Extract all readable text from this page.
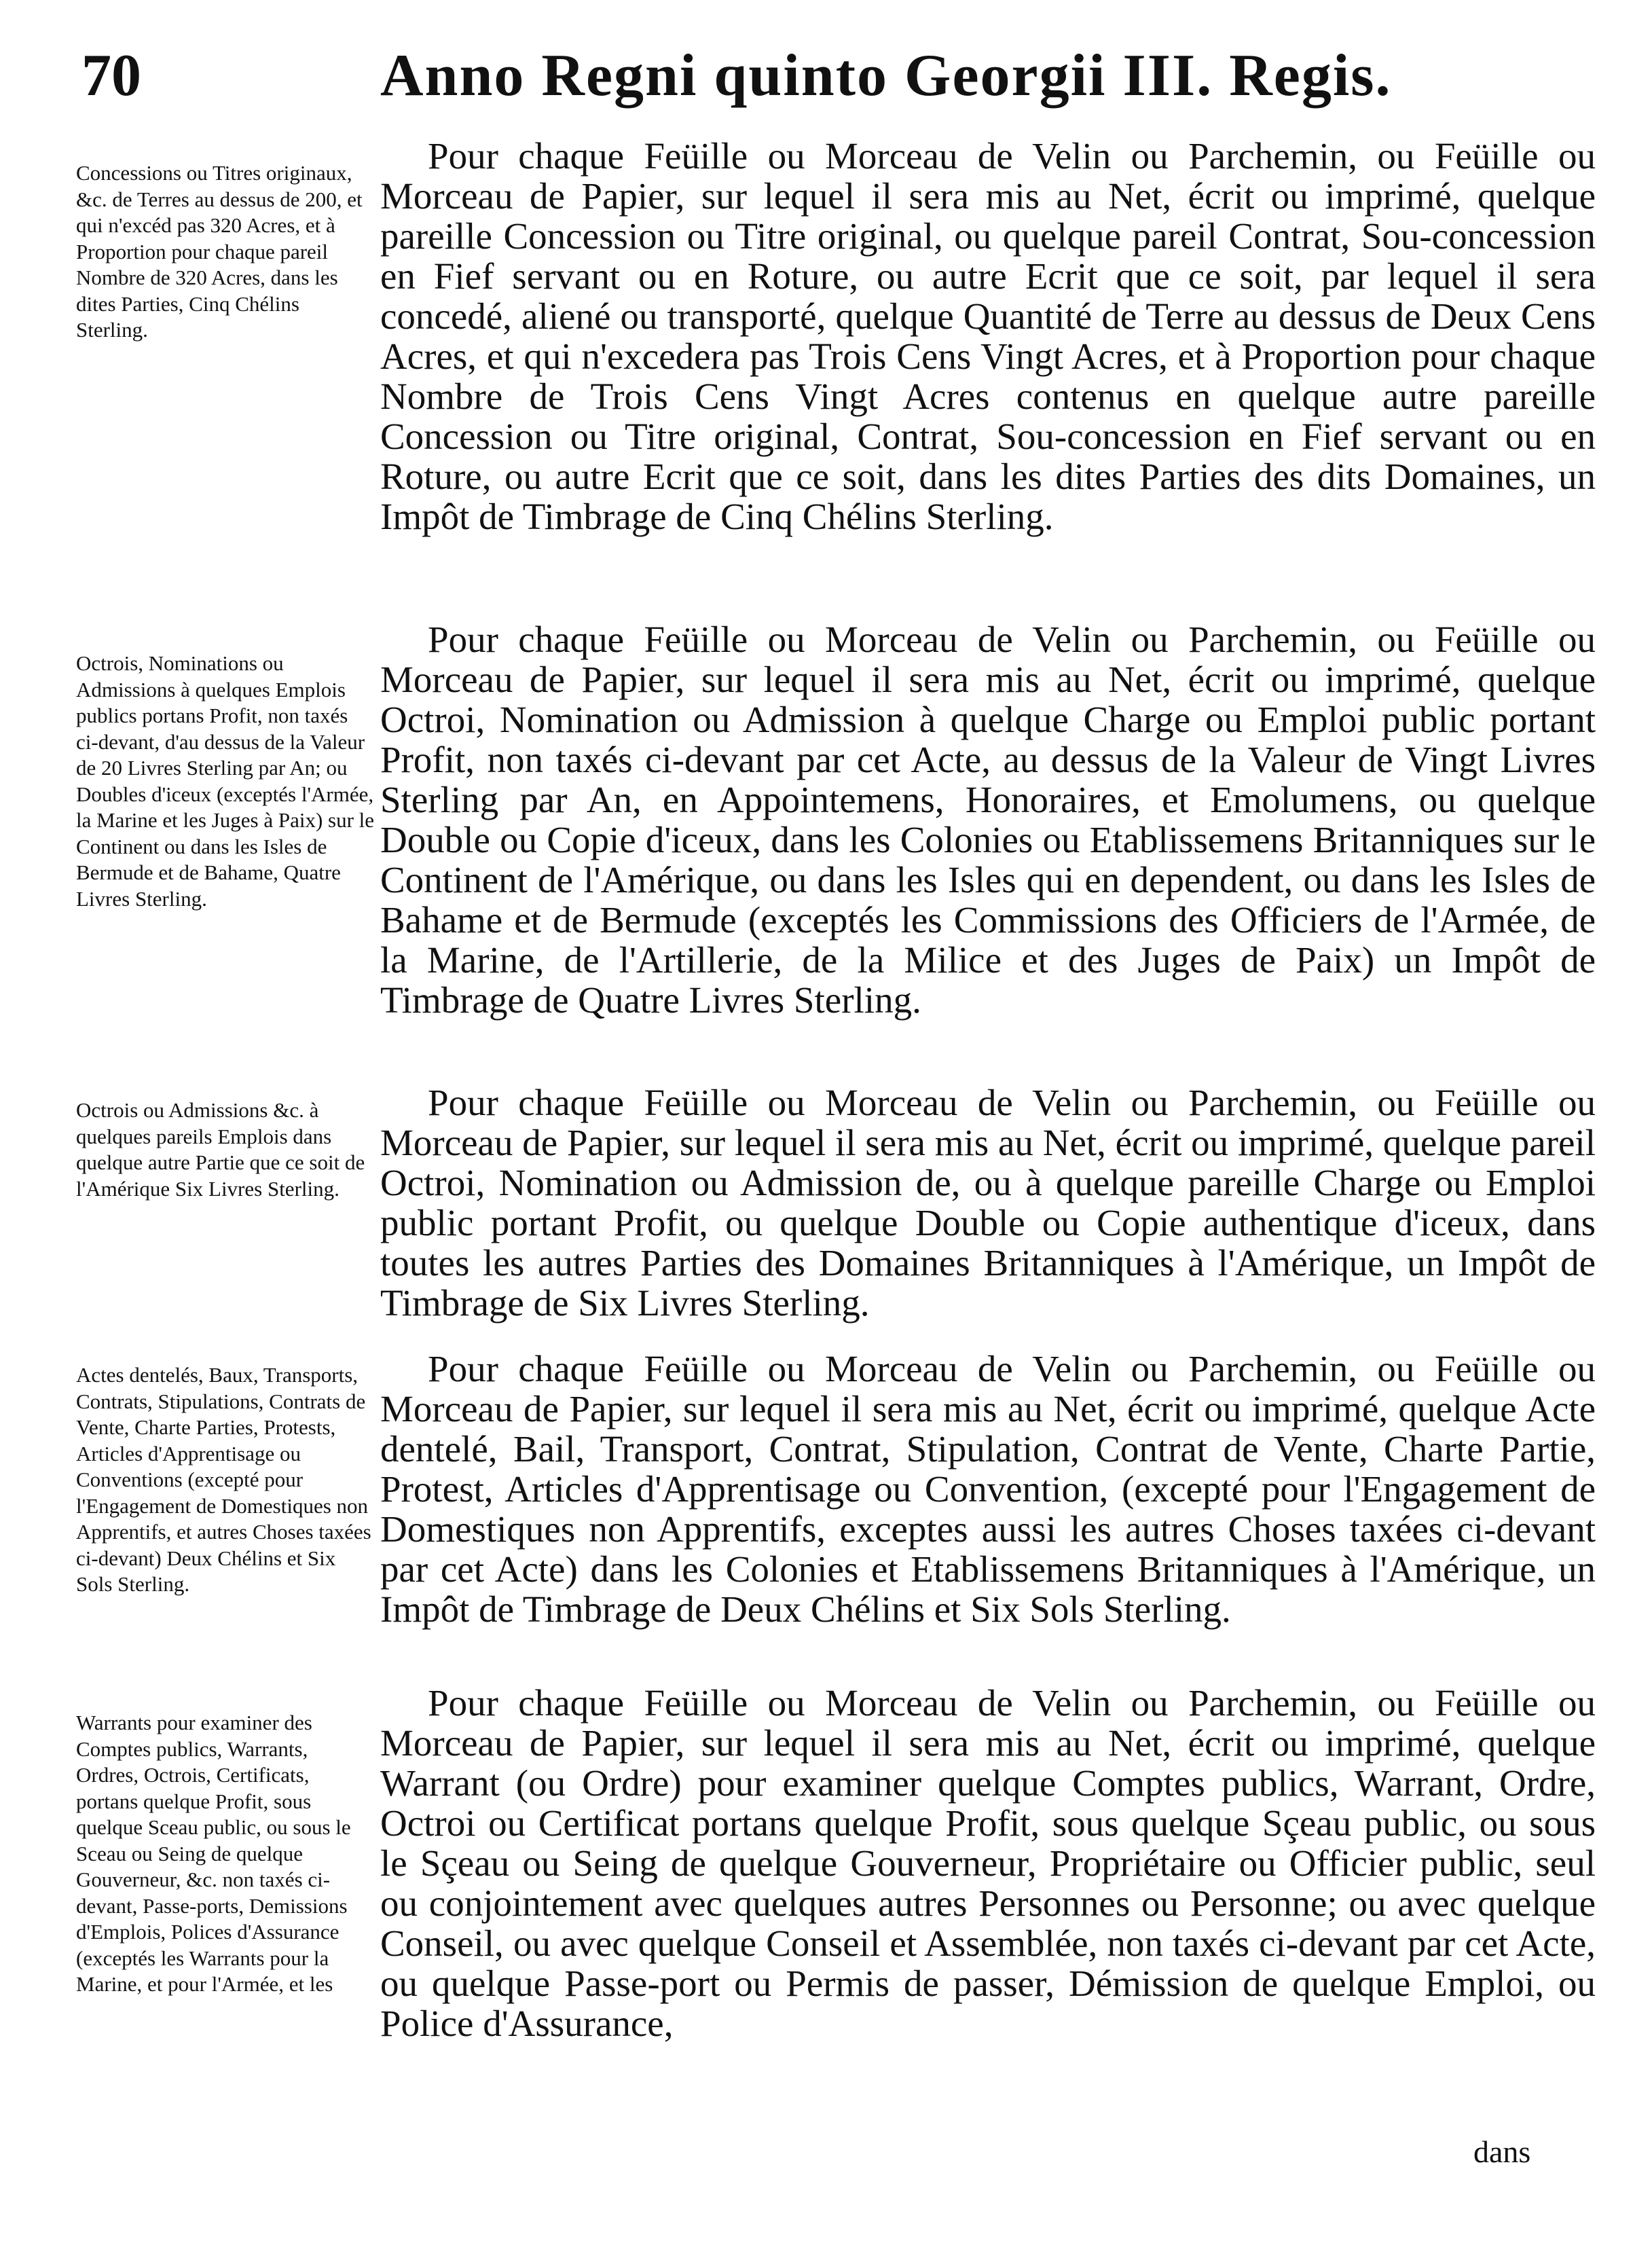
70	Anno Regni quinto Georgii III. Regis.
Concessions ou Titres originaux, &c. de Terres au dessus de 200, et qui n'excéd pas 320 Acres, et à Proportion pour chaque pareil Nombre de 320 Acres, dans les dites Parties, Cinq Chélins Sterling.
Octrois, Nominations ou Admissions à quelques Emplois publics portans Profit, non taxés ci-devant, d'au dessus de la Valeur de 20 Livres Sterling par An; ou Doubles d'iceux (exceptés l'Armée, la Marine et les Juges à Paix) sur le Continent ou dans les Isles de Bermude et de Bahame, Quatre Livres Sterling.
Octrois ou Admissions &c. à quelques pareils Emplois dans quelque autre Partie que ce soit de l'Amérique Six Livres Sterling.
Actes dentelés, Baux, Transports, Contrats, Stipulations, Contrats de Vente, Charte Parties, Protests, Articles d'Apprentisage ou Conventions (excepté pour l'Engagement de Domestiques non Apprentifs, et autres Choses taxées ci-devant) Deux Chélins et Six Sols Sterling.
Warrants pour examiner des Comptes publics, Warrants, Ordres, Octrois, Certificats, portans quelque Profit, sous quelque Sceau public, ou sous le Sceau ou Seing de quelque Gouverneur, &c. non taxés ci-devant, Passe-ports, Demissions d'Emplois, Polices d'Assurance (exceptés les Warrants pour la Marine, et pour l'Armée, et les

Pour chaque Feüille ou Morceau de Velin ou Parchemin, ou Feüille ou Morceau de Papier, sur lequel il sera mis au Net, écrit ou imprimé, quelque pareille Concession ou Titre original, ou quelque pareil Contrat, Sou-concession en Fief servant ou en Roture, ou autre Ecrit que ce soit, par lequel il sera concedé, aliené ou transporté, quelque Quantité de Terre au dessus de Deux Cens Acres, et qui n'excedera pas Trois Cens Vingt Acres, et à Proportion pour chaque Nombre de Trois Cens Vingt Acres contenus en quelque autre pareille Concession ou Titre original, Contrat, Sou-concession en Fief servant ou en Roture, ou autre Ecrit que ce soit, dans les dites Parties des dits Domaines, un Impôt de Timbrage de Cinq Chélins Sterling.

Pour chaque Feüille ou Morceau de Velin ou Parchemin, ou Feüille ou Morceau de Papier, sur lequel il sera mis au Net, écrit ou imprimé, quelque Octroi, Nomination ou Admission à quelque Charge ou Emploi public portant Profit, non taxés ci-devant par cet Acte, au dessus de la Valeur de Vingt Livres Sterling par An, en Appointemens, Honoraires, et Emolumens, ou quelque Double ou Copie d'iceux, dans les Colonies ou Etablissemens Britanniques sur le Continent de l'Amérique, ou dans les Isles qui en dependent, ou dans les Isles de Bahame et de Bermude (exceptés les Commissions des Officiers de l'Armée, de la Marine, de l'Artillerie, de la Milice et des Juges de Paix) un Impôt de Timbrage de Quatre Livres Sterling.

Pour chaque Feüille ou Morceau de Velin ou Parchemin, ou Feüille ou Morceau de Papier, sur lequel il sera mis au Net, écrit ou imprimé, quelque pareil Octroi, Nomination ou Admission de, ou à quelque pareille Charge ou Emploi public portant Profit, ou quelque Double ou Copie authentique d'iceux, dans toutes les autres Parties des Domaines Britanniques à l'Amérique, un Impôt de Timbrage de Six Livres Sterling.

Pour chaque Feüille ou Morceau de Velin ou Parchemin, ou Feüille ou Morceau de Papier, sur lequel il sera mis au Net, écrit ou imprimé, quelque Acte dentelé, Bail, Transport, Contrat, Stipulation, Contrat de Vente, Charte Partie, Protest, Articles d'Apprentisage ou Convention, (excepté pour l'Engagement de Domestiques non Apprentifs, exceptes aussi les autres Choses taxées ci-devant par cet Acte) dans les Colonies et Etablissemens Britanniques à l'Amérique, un Impôt de Timbrage de Deux Chélins et Six Sols Sterling.

Pour chaque Feüille ou Morceau de Velin ou Parchemin, ou Feüille ou Morceau de Papier, sur lequel il sera mis au Net, écrit ou imprimé, quelque Warrant (ou Ordre) pour examiner quelque Comptes publics, Warrant, Ordre, Octroi ou Certificat portans quelque Profit, sous quelque Sçeau public, ou sous le Sçeau ou Seing de quelque Gouverneur, Propriétaire ou Officier public, seul ou conjointement avec quelques autres Personnes ou Personne; ou avec quelque Conseil, ou avec quelque Conseil et Assemblée, non taxés ci-devant par cet Acte, ou quelque Passe-port ou Permis de passer, Démission de quelque Emploi, ou Police d'Assurance,

dans
